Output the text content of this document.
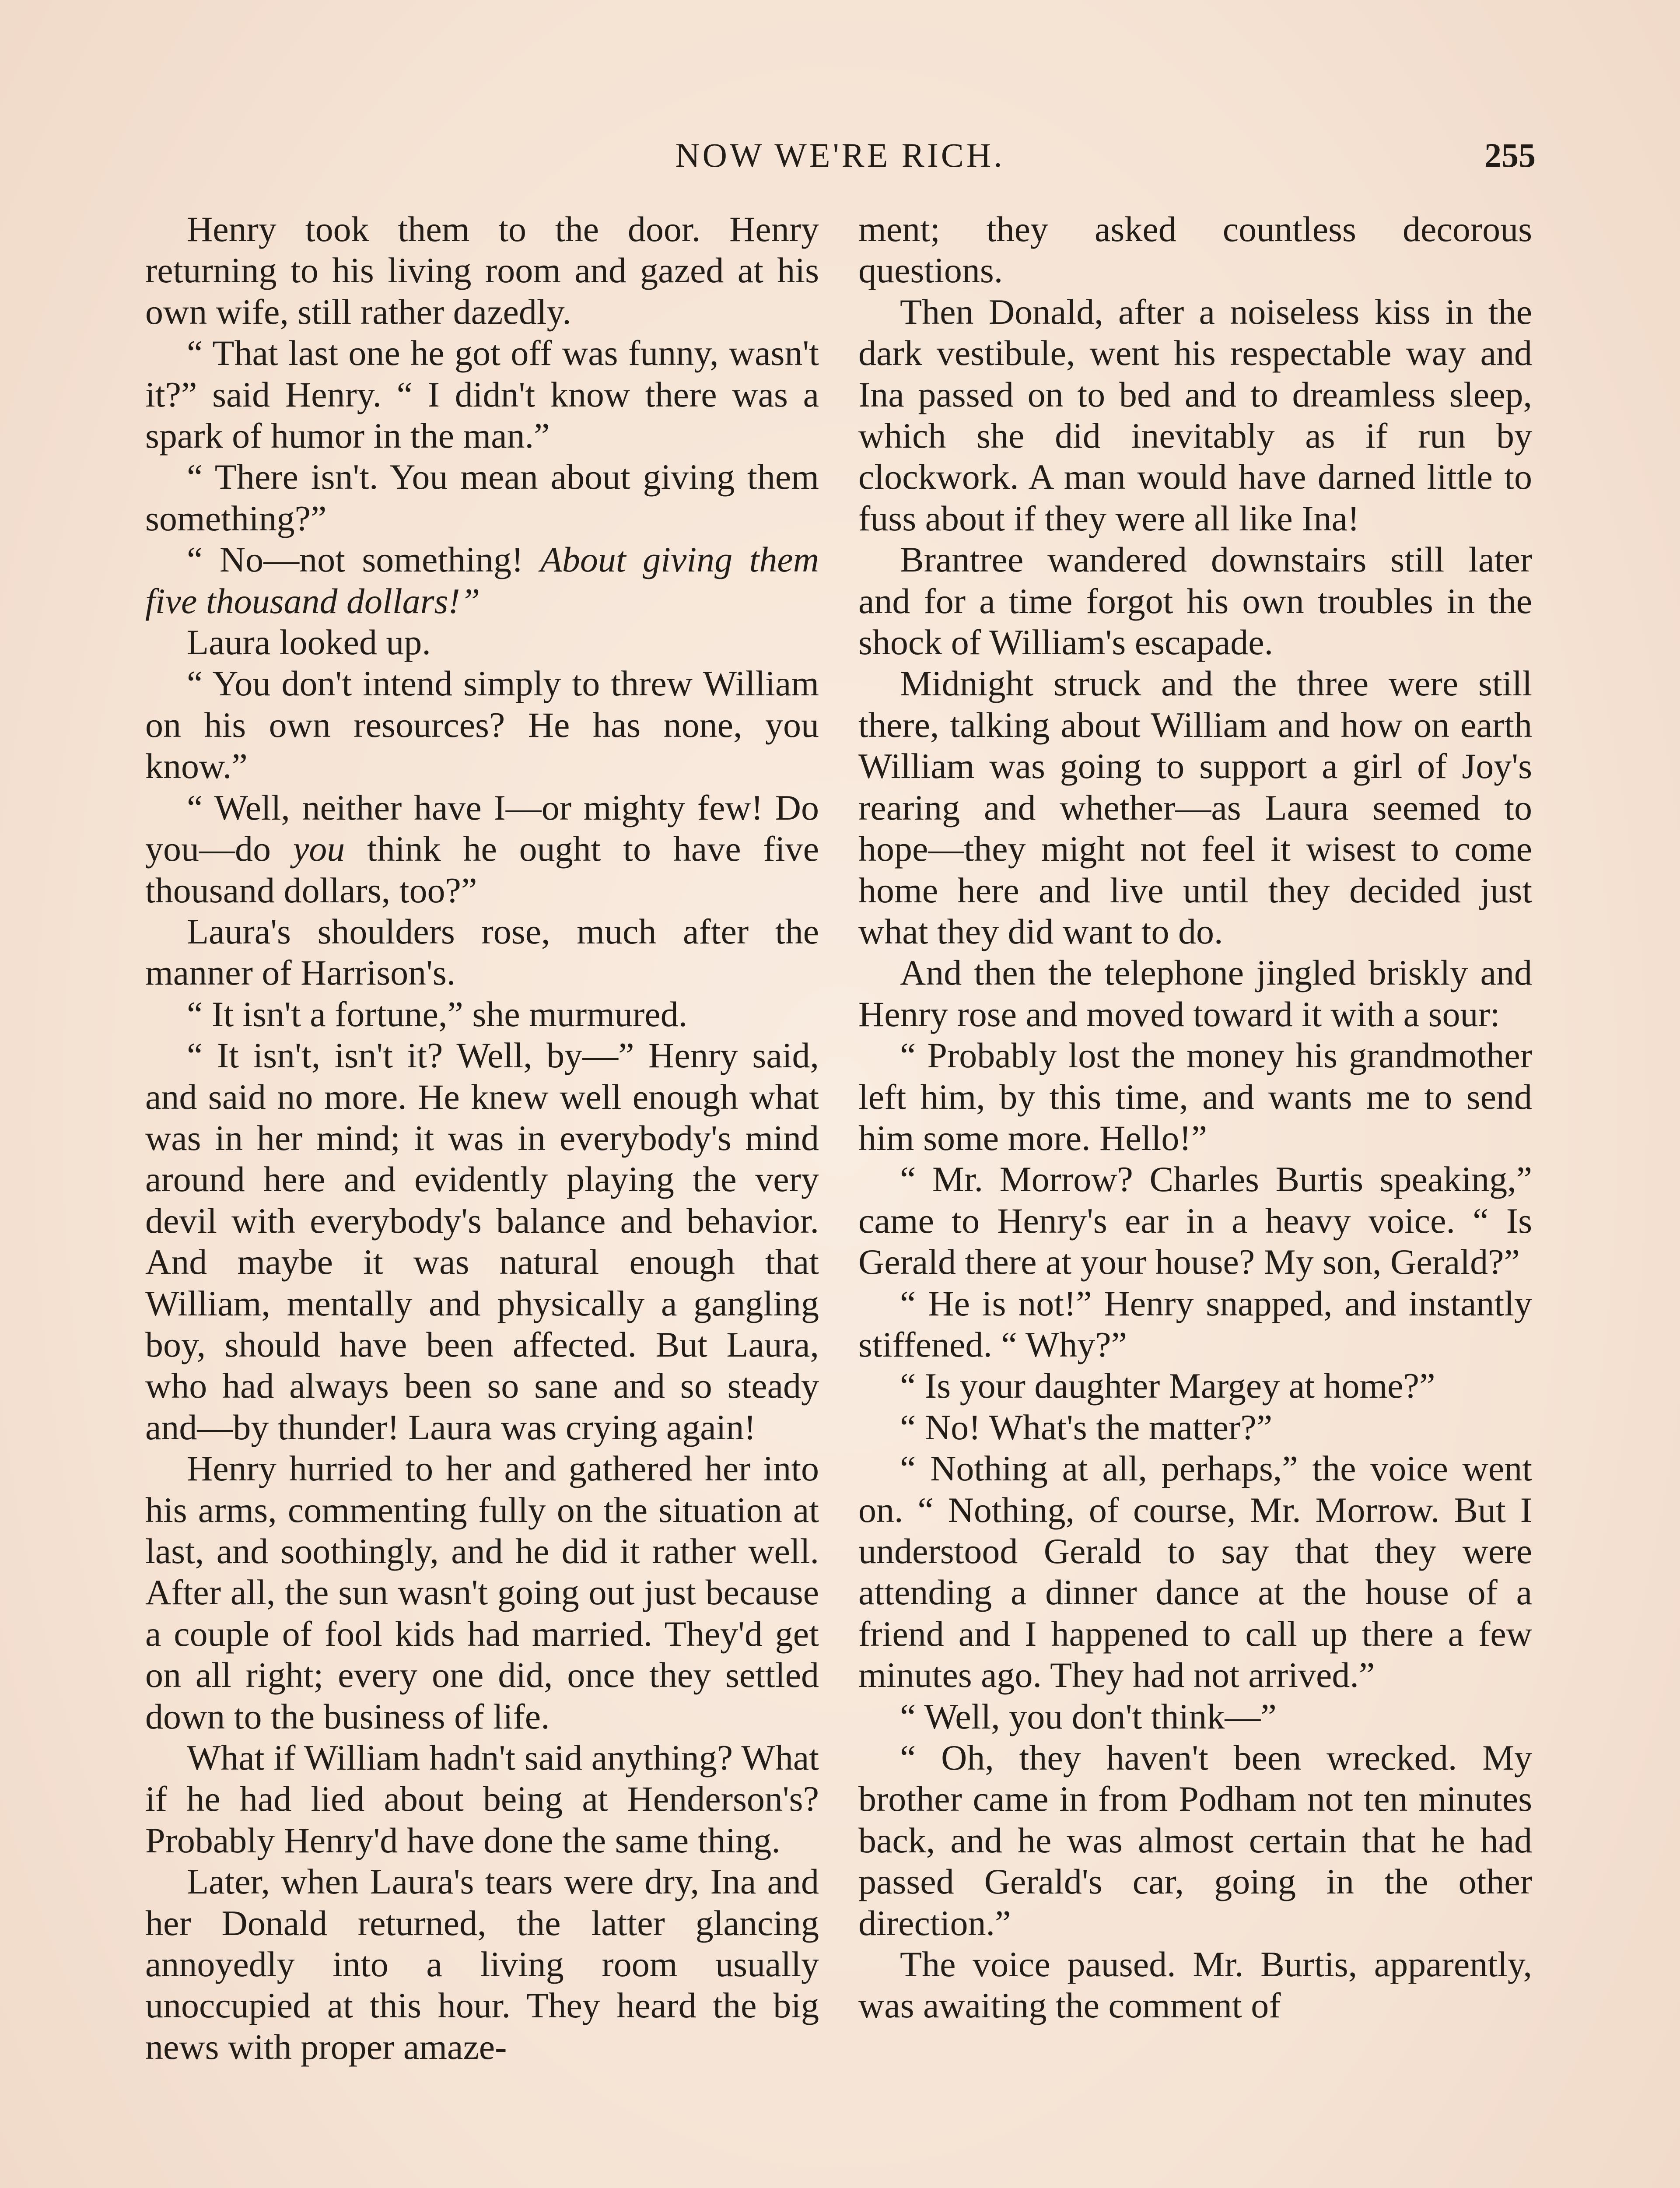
NOW WE'RE RICH.	255

Henry took them to the door. Henry returning to his living room and gazed at his own wife, still rather dazedly.

“ That last one he got off was funny, wasn't it?” said Henry. “ I didn't know there was a spark of humor in the man.”

“ There isn't. You mean about giving them something?”

“ No—not something! About giving them five thousand dollars!”

Laura looked up.

“ You don't intend simply to threw William on his own resources? He has none, you know.”

“ Well, neither have I—or mighty few! Do you—do you think he ought to have five thousand dollars, too?”

Laura's shoulders rose, much after the manner of Harrison's.

“ It isn't a fortune,” she murmured.

“ It isn't, isn't it? Well, by—” Henry said, and said no more. He knew well enough what was in her mind; it was in everybody's mind around here and evidently playing the very devil with everybody's balance and behavior. And maybe it was natural enough that William, mentally and physically a gangling boy, should have been affected. But Laura, who had always been so sane and so steady and—by thunder! Laura was crying again!

Henry hurried to her and gathered her into his arms, commenting fully on the situation at last, and soothingly, and he did it rather well. After all, the sun wasn't going out just because a couple of fool kids had married. They'd get on all right; every one did, once they settled down to the business of life.

What if William hadn't said anything? What if he had lied about being at Henderson's? Probably Henry'd have done the same thing.

Later, when Laura's tears were dry, Ina and her Donald returned, the latter glancing annoyedly into a living room usually unoccupied at this hour. They heard the big news with proper amaze-

ment; they asked countless decorous questions.

Then Donald, after a noiseless kiss in the dark vestibule, went his respectable way and Ina passed on to bed and to dreamless sleep, which she did inevitably as if run by clockwork. A man would have darned little to fuss about if they were all like Ina!

Brantree wandered downstairs still later and for a time forgot his own troubles in the shock of William's escapade.

Midnight struck and the three were still there, talking about William and how on earth William was going to support a girl of Joy's rearing and whether—as Laura seemed to hope—they might not feel it wisest to come home here and live until they decided just what they did want to do.

And then the telephone jingled briskly and Henry rose and moved toward it with a sour:

“ Probably lost the money his grandmother left him, by this time, and wants me to send him some more. Hello!”

“ Mr. Morrow? Charles Burtis speaking,” came to Henry's ear in a heavy voice. “ Is Gerald there at your house? My son, Gerald?”

“ He is not!” Henry snapped, and instantly stiffened. “ Why?”

“ Is your daughter Margey at home?”

“ No! What's the matter?”

“ Nothing at all, perhaps,” the voice went on. “ Nothing, of course, Mr. Morrow. But I understood Gerald to say that they were attending a dinner dance at the house of a friend and I happened to call up there a few minutes ago. They had not arrived.”

“ Well, you don't think—”

“ Oh, they haven't been wrecked. My brother came in from Podham not ten minutes back, and he was almost certain that he had passed Gerald's car, going in the other direction.”

The voice paused. Mr. Burtis, apparently, was awaiting the comment of
